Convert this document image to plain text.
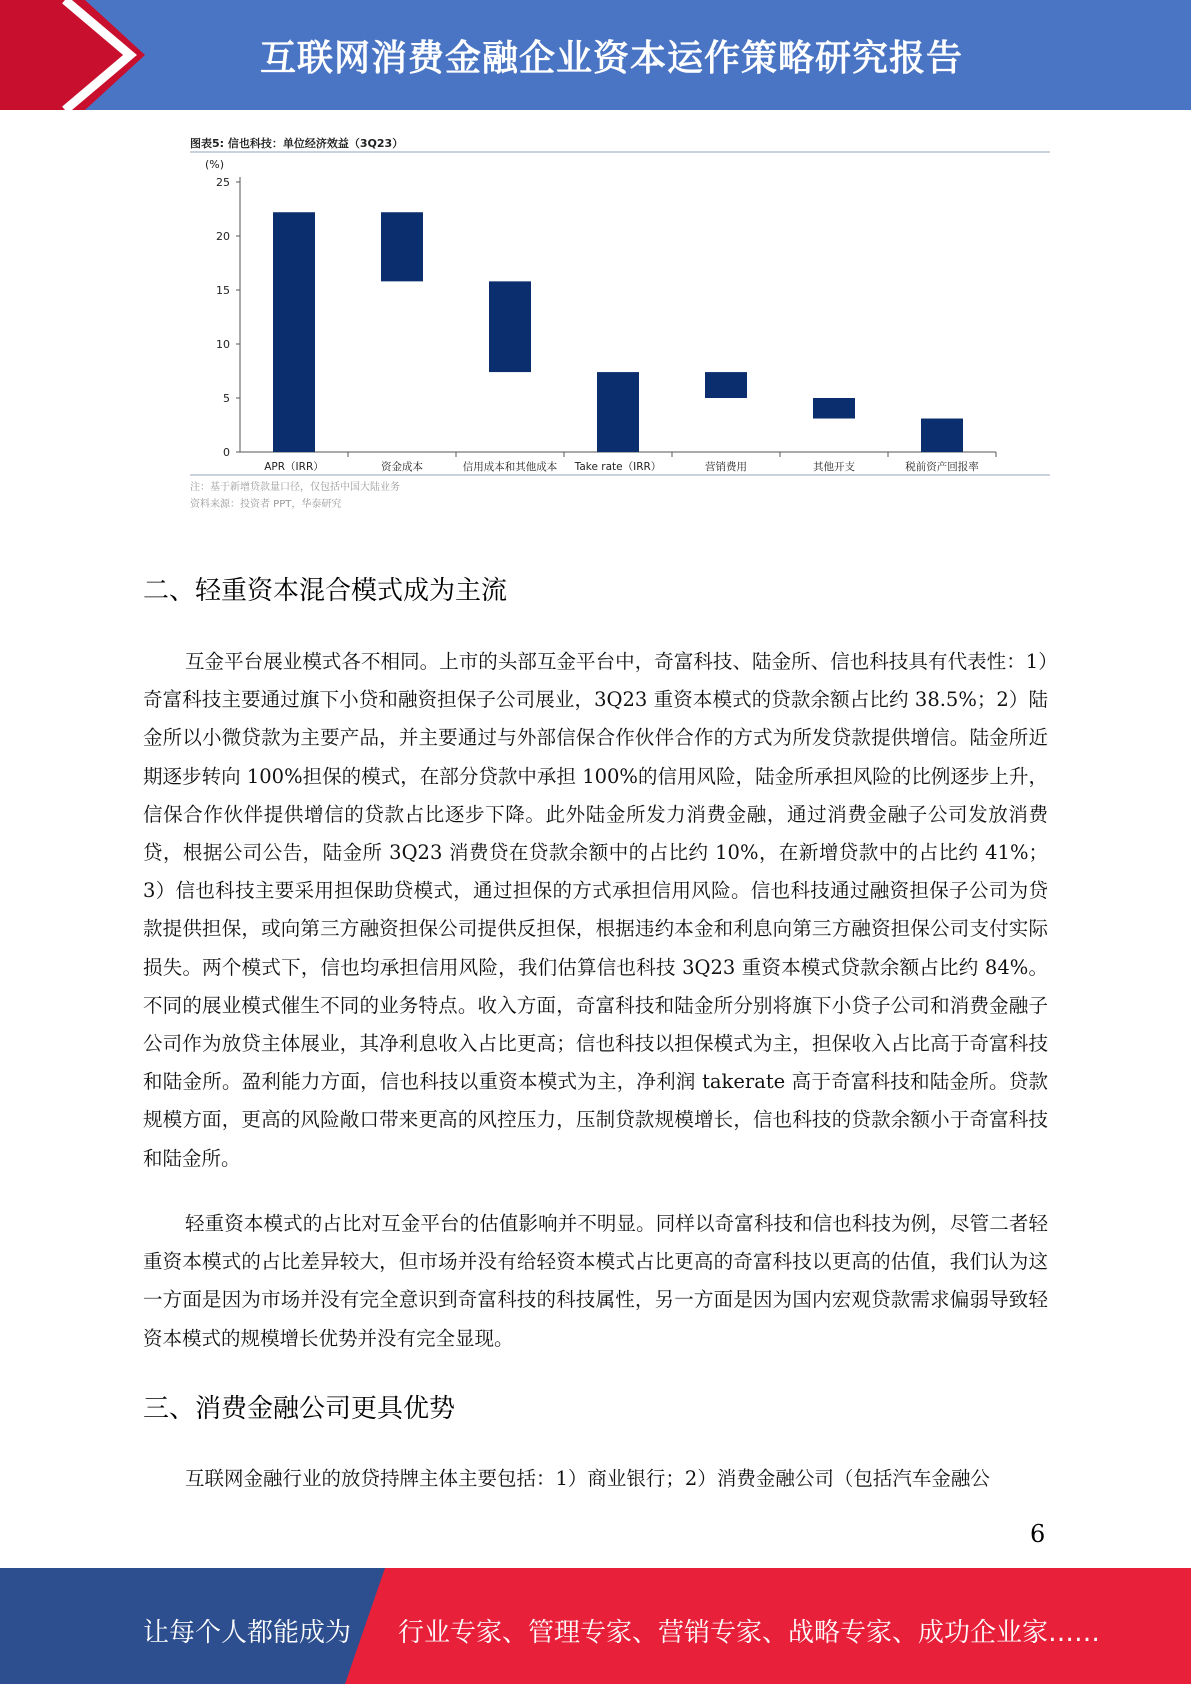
互联网消费金融企业资本运作策略研究报告
(%)
0
5
10
15
20
25
APR（IRR）	资金成本	信用成本和其他成本 Take rate（IRR）	营销费用	其他开支	税前资产回报率
图表5: 信也科技：单位经济效益（3Q23）
注：基于新增贷款量口径，仅包括中国大陆业务
资料来源：投资者 PPT，华泰研究
二、轻重资本混合模式成为主流

互金平台展业模式各不相同。上市的头部互金平台中，奇富科技、陆金所、信也科技具有代表性：1）奇富科技主要通过旗下小贷和融资担保子公司展业，3Q23 重资本模式的贷款余额占比约 38.5%；2）陆金所以小微贷款为主要产品，并主要通过与外部信保合作伙伴合作的方式为所发贷款提供增信。陆金所近期逐步转向 100%担保的模式，在部分贷款中承担 100%的信用风险，陆金所承担风险的比例逐步上升，信保合作伙伴提供增信的贷款占比逐步下降。此外陆金所发力消费金融，通过消费金融子公司发放消费贷，根据公司公告，陆金所 3Q23 消费贷在贷款余额中的占比约 10%，在新增贷款中的占比约 41%；3）信也科技主要采用担保助贷模式，通过担保的方式承担信用风险。信也科技通过融资担保子公司为贷款提供担保，或向第三方融资担保公司提供反担保，根据违约本金和利息向第三方融资担保公司支付实际损失。两个模式下，信也均承担信用风险，我们估算信也科技 3Q23 重资本模式贷款余额占比约 84%。不同的展业模式催生不同的业务特点。收入方面，奇富科技和陆金所分别将旗下小贷子公司和消费金融子公司作为放贷主体展业，其净利息收入占比更高；信也科技以担保模式为主，担保收入占比高于奇富科技和陆金所。盈利能力方面，信也科技以重资本模式为主，净利润 takerate 高于奇富科技和陆金所。贷款规模方面，更高的风险敞口带来更高的风控压力，压制贷款规模增长，信也科技的贷款余额小于奇富科技和陆金所。

轻重资本模式的占比对互金平台的估值影响并不明显。同样以奇富科技和信也科技为例，尽管二者轻重资本模式的占比差异较大，但市场并没有给轻资本模式占比更高的奇富科技以更高的估值，我们认为这一方面是因为市场并没有完全意识到奇富科技的科技属性，另一方面是因为国内宏观贷款需求偏弱导致轻资本模式的规模增长优势并没有完全显现。

三、消费金融公司更具优势

互联网金融行业的放贷持牌主体主要包括：1）商业银行；2）消费金融公司（包括汽车金融公

6
让每个人都能成为 行业专家、管理专家、营销专家、战略专家、成功企业家……
